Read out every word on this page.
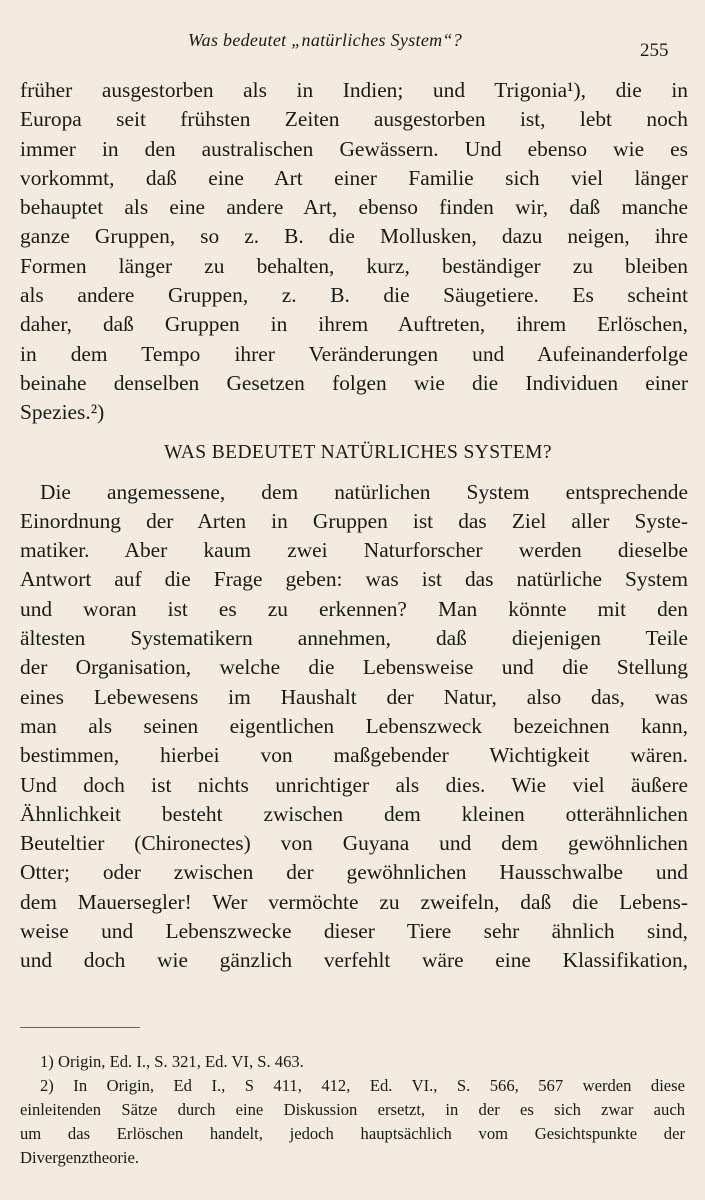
Was bedeutet „natürliches System“?	255
früher ausgestorben als in Indien; und Trigonia¹), die in
Europa seit frühsten Zeiten ausgestorben ist, lebt noch
immer in den australischen Gewässern. Und ebenso wie es
vorkommt, daß eine Art einer Familie sich viel länger
behauptet als eine andere Art, ebenso finden wir, daß manche
ganze Gruppen, so z. B. die Mollusken, dazu neigen, ihre
Formen länger zu behalten, kurz, beständiger zu bleiben
als andere Gruppen, z. B. die Säugetiere. Es scheint
daher, daß Gruppen in ihrem Auftreten, ihrem Erlöschen,
in dem Tempo ihrer Veränderungen und Aufeinanderfolge
beinahe denselben Gesetzen folgen wie die Individuen einer
Spezies.²)
WAS BEDEUTET NATÜRLICHES SYSTEM?
Die angemessene, dem natürlichen System entsprechende
Einordnung der Arten in Gruppen ist das Ziel aller Syste-
matiker. Aber kaum zwei Naturforscher werden dieselbe
Antwort auf die Frage geben: was ist das natürliche System
und woran ist es zu erkennen? Man könnte mit den
ältesten Systematikern annehmen, daß diejenigen Teile
der Organisation, welche die Lebensweise und die Stellung
eines Lebewesens im Haushalt der Natur, also das, was
man als seinen eigentlichen Lebenszweck bezeichnen kann,
bestimmen, hierbei von maßgebender Wichtigkeit wären.
Und doch ist nichts unrichtiger als dies. Wie viel äußere
Ähnlichkeit besteht zwischen dem kleinen otterähnlichen
Beuteltier (Chironectes) von Guyana und dem gewöhnlichen
Otter; oder zwischen der gewöhnlichen Hausschwalbe und
dem Mauersegler! Wer vermöchte zu zweifeln, daß die Lebens-
weise und Lebenszwecke dieser Tiere sehr ähnlich sind,
und doch wie gänzlich verfehlt wäre eine Klassifikation,
1) Origin, Ed. I., S. 321, Ed. VI, S. 463.
2) In Origin, Ed I., S 411, 412, Ed. VI., S. 566, 567 werden diese
einleitenden Sätze durch eine Diskussion ersetzt, in der es sich zwar auch
um das Erlöschen handelt, jedoch hauptsächlich vom Gesichtspunkte der
Divergenztheorie.
